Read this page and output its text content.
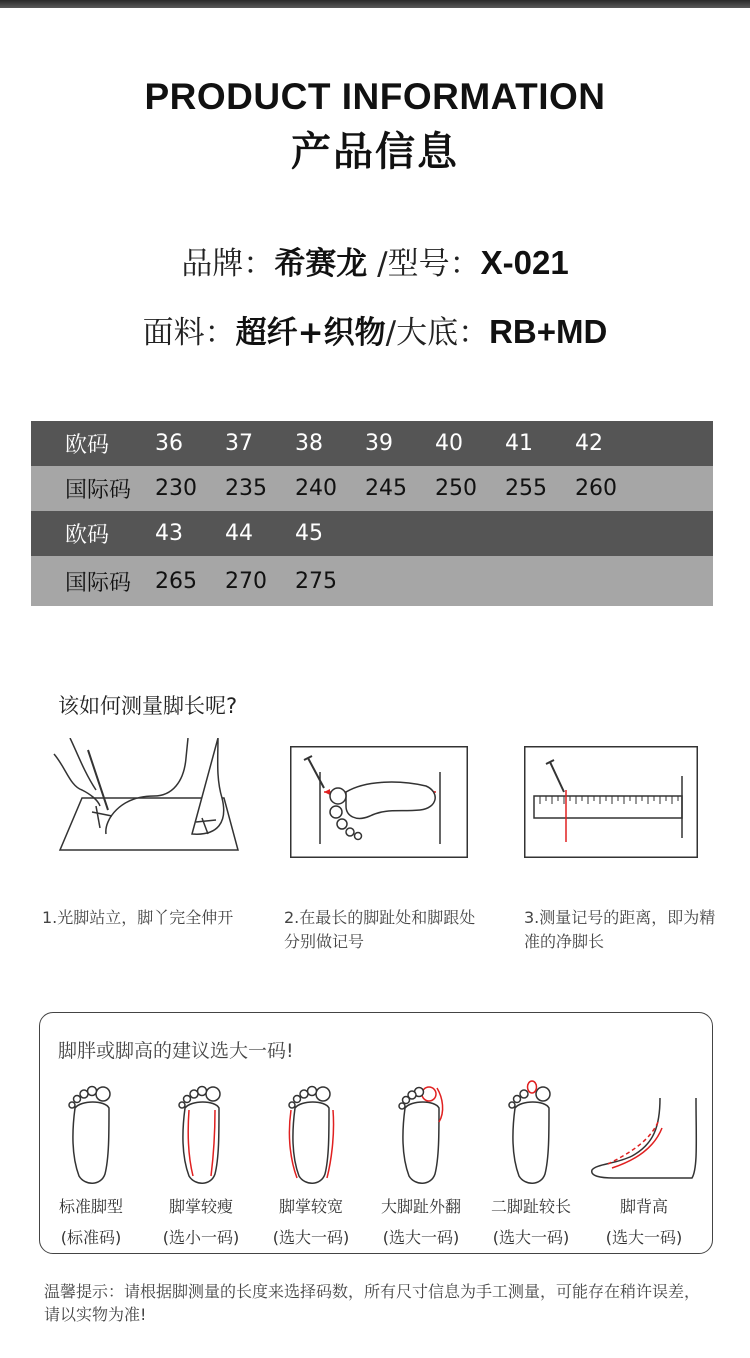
PRODUCT INFORMATION
产品信息
品牌：希赛龙 /型号：X-021
面料：超纤+织物/大底：RB+MD
欧码	36	37	38	39	40	41	42
国际码	230	235	240	245	250	255	260
欧码	43	44	45
国际码	265	270	275
该如何测量脚长呢?
1.光脚站立，脚丫完全伸开	2.在最长的脚趾处和脚跟处分别做记号
3.测量记号的距离，即为精准的净脚长
脚胖或脚高的建议选大一码!
标准脚型
(标准码)
脚掌较瘦
(选小一码)
脚掌较宽
(选大一码)
大脚趾外翻
(选大一码)
二脚趾较长
(选大一码)
脚背高
(选大一码)
温馨提示：请根据脚测量的长度来选择码数，所有尺寸信息为手工测量，可能存在稍许误差，请以实物为准!
